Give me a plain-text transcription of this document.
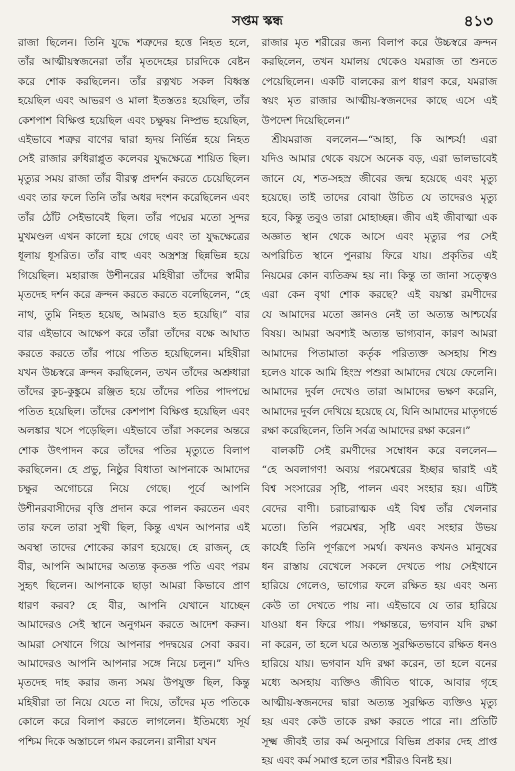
সপ্তম স্কন্ধ	৪১৩

রাজা ছিলেন। তিনি যুদ্ধে শত্রুদের হত্তে নিহত হলে,

তাঁর আত্মীয়স্বজনেরা তাঁর মৃতদেহের চারদিকে বেষ্টন

করে শোক করছিলেন। তাঁর রত্নখচ সকল বিধ্বস্ত

হয়েছিল এবং আভরণ ও মালা ইতস্ততঃ হয়েছিল, তাঁর

কেশপাশ বিক্ষিপ্ত হয়েছিল এবং চক্ষুদ্বয় নিষ্প্রভ হয়েছিল,

এইভাবে শত্রুর বাণের দ্বারা হৃদয় নির্ভিন্ন হয়ে নিহত

সেই রাজার রুধিরাপ্লুত কলেবর যুদ্ধক্ষেত্রে শায়িত ছিল।

মৃত্যুর সময় রাজা তাঁর বীরত্ব প্রদর্শন করতে চেয়েছিলেন

এবং তার ফলে তিনি তাঁর অধর দংশন করেছিলেন এবং

তাঁর ঠোঁট সেইভাবেই ছিল। তাঁর পদ্মের মতো সুন্দর

মুখমণ্ডল এখন কালো হয়ে গেছে এবং তা যুদ্ধক্ষেত্রের

ধূলায় ধূসরিত। তাঁর বাহু এবং অস্ত্রশস্ত্র ছিন্নভিন্ন হয়ে

গিয়েছিল। মহারাজ উশীনরের মহিষীরা তাঁদের স্বামীর

মৃতদেহ দর্শন করে ক্রন্দন করতে করতে বলেছিলেন, “হে

নাথ, তুমি নিহত হয়েছ, আমরাও হত হয়েছি।” বার

বার এইভাবে আক্ষেপ করে তাঁরা তাঁদের বক্ষে আঘাত

করতে করতে তাঁর পায়ে পতিত হয়েছিলেন। মহিষীরা

যখন উচ্চস্বরে ক্রন্দন করছিলেন, তখন তাঁদের অশ্রুধারা

তাঁদের কুচ-কুঙ্কুমে রঞ্জিত হয়ে তাঁদের পতির পাদপদ্মে

পতিত হয়েছিল। তাঁদের কেশপাশ বিক্ষিপ্ত হয়েছিল এবং

অলঙ্কার খসে পড়েছিল। এইভাবে তাঁরা সকলের অন্তরে

শোক উৎপাদন করে তাঁদের পতির মৃত্যুতে বিলাপ

করছিলেন। হে প্রভু, নিষ্ঠুর বিধাতা আপনাকে আমাদের

চক্ষুর অগোচরে নিয়ে গেছে। পূর্বে আপনি

উশীনরবাসীদের বৃত্তি প্রদান করে পালন করতেন এবং

তার ফলে তারা সুখী ছিল, কিন্তু এখন আপনার এই

অবস্থা তাদের শোকের কারণ হয়েছে। হে রাজন্, হে

বীর, আপনি আমাদের অত্যন্ত কৃতজ্ঞ পতি এবং পরম

সুহৃৎ ছিলেন। আপনাকে ছাড়া আমরা কিভাবে প্রাণ

ধারণ করব? হে বীর, আপনি যেখানে যাচ্ছেন

আমাদেরও সেই স্থানে অনুগমন করতে আদেশ করুন।

আমরা সেখানে গিয়ে আপনার পদদ্বয়ের সেবা করব।

আমাদেরও আপনি আপনার সঙ্গে নিয়ে চলুন।” যদিও

মৃতদেহ দাহ করার জন্য সময় উপযুক্ত ছিল, কিন্তু

মহিষীরা তা নিয়ে যেতে না দিয়ে, তাঁদের মৃত পতিকে

কোলে করে বিলাপ করতে লাগলেন। ইতিমধ্যে সূর্য

পশ্চিম দিকে অস্তাচলে গমন করলেন। রানীরা যখন

রাজার মৃত শরীরের জন্য বিলাপ করে উচ্চস্বরে ক্রন্দন

করছিলেন, তখন যমালয় থেকেও যমরাজ তা শুনতে

পেয়েছিলেন। একটি বালকের রূপ ধারণ করে, যমরাজ

স্বয়ং মৃত রাজার আত্মীয়-স্বজনদের কাছে এসে এই

উপদেশ দিয়েছিলেন।”

শ্রীযমরাজ বললেন—“আহা, কি আশ্চর্য! এরা

যদিও আমার থেকে বয়সে অনেক বড়, এরা ভালভাবেই

জানে যে, শত-সহস্র জীবের জন্ম হয়েছে এবং মৃত্যু

হয়েছে। তাই তাদের বোঝা উচিত যে তাদেরও মৃত্যু

হবে, কিন্তু তবুও তারা মোহাচ্ছন্ন। জীব এই জীবাত্মা এক

অজ্ঞাত স্থান থেকে আসে এবং মৃত্যুর পর সেই

অপরিচিত স্থানে পুনরায় ফিরে যায়। প্রকৃতির এই

নিয়মের কোন ব্যতিক্রম হয় না। কিন্তু তা জানা সত্ত্বেও

এরা কেন বৃথা শোক করছে? এই বয়স্কা রমণীদের

যে আমাদের মতো জ্ঞানও নেই তা অত্যন্ত আশ্চর্যের

বিষয়। আমরা অবশ্যই অত্যন্ত ভাগ্যবান, কারণ আমরা

আমাদের পিতামাতা কর্তৃক পরিত্যক্ত অসহায় শিশু

হলেও যাকে আমি হিংস্র পশুরা আমাদের খেয়ে ফেলেনি।

আমাদের দুর্বল দেখেও তারা আমাদের ভক্ষণ করেনি,

আমাদের দুর্বল দেখিয়ে হয়েছে যে, যিনি আমাদের মাতৃগর্ভে

রক্ষা করেছিলেন, তিনি সর্বত্র আমাদের রক্ষা করেন।”

বালকটি সেই রমণীদের সম্বোধন করে বললেন—

“হে অবলাগণ! অব্যয় পরমেশ্বরের ইচ্ছার দ্বারাই এই

বিশ্ব সংসারের সৃষ্টি, পালন এবং সংহার হয়। এটিই

বেদের বাণী। চরাচরাত্মক এই বিশ্ব তাঁর খেলনার

মতো। তিনি পরমেশ্বর, সৃষ্টি এবং সংহার উভয়

কার্যেই তিনি পূর্ণরূপে সমর্থ। কখনও কখনও মানুষের

ধন রাস্তায় বেখেলে সকলে দেখতে পায় সেইখানে

হারিয়ে গেলেও, ভাগ্যের ফলে রক্ষিত হয় এবং অন্য

কেউ তা দেখতে পায় না। এইভাবে যে তার হারিয়ে

যাওয়া ধন ফিরে পায়। পক্ষান্তরে, ভগবান যদি রক্ষা

না করেন, তা হলে ঘরে অত্যন্ত সুরক্ষিতভাবে রক্ষিত ধনও

হারিয়ে যায়। ভগবান যদি রক্ষা করেন, তা হলে বনের

মধ্যে অসহায় ব্যক্তিও জীবিত থাকে, আবার গৃহে

আত্মীয়-স্বজনদের দ্বারা অত্যন্ত সুরক্ষিত ব্যক্তিও মৃত্যু

হয় এবং কেউ তাকে রক্ষা করতে পারে না। প্রতিটি

সূক্ষ্ম জীবই তার কর্ম অনুসারে বিভিন্ন প্রকার দেহ প্রাপ্ত

হয় এবং কর্ম সমাপ্ত হলে তার শরীরও বিনষ্ট হয়।
